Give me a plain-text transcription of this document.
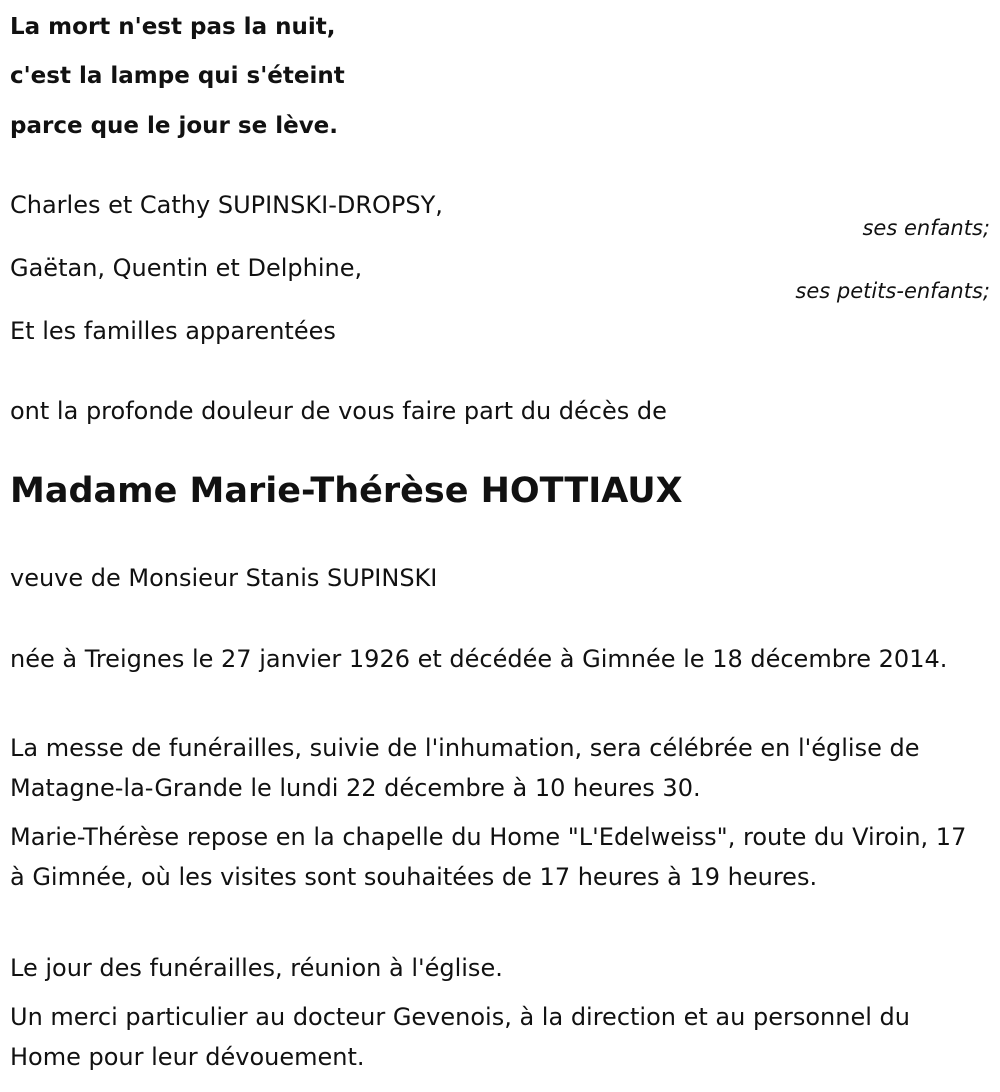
La mort n'est pas la nuit,
c'est la lampe qui s'éteint
parce que le jour se lève.
Charles et Cathy SUPINSKI-DROPSY,
ses enfants;
Gaëtan, Quentin et Delphine,
ses petits-enfants;
Et les familles apparentées
ont la profonde douleur de vous faire part du décès de
Madame Marie-Thérèse HOTTIAUX
veuve de Monsieur Stanis SUPINSKI
née à Treignes le 27 janvier 1926 et décédée à Gimnée le 18 décembre 2014.
La messe de funérailles, suivie de l'inhumation, sera célébrée en l'église de Matagne-la-Grande le lundi 22 décembre à 10 heures 30.
Marie-Thérèse repose en la chapelle du Home "L'Edelweiss", route du Viroin, 17 à Gimnée, où les visites sont souhaitées de 17 heures à 19 heures.
Le jour des funérailles, réunion à l'église.
Un merci particulier au docteur Gevenois, à la direction et au personnel du Home pour leur dévouement.
